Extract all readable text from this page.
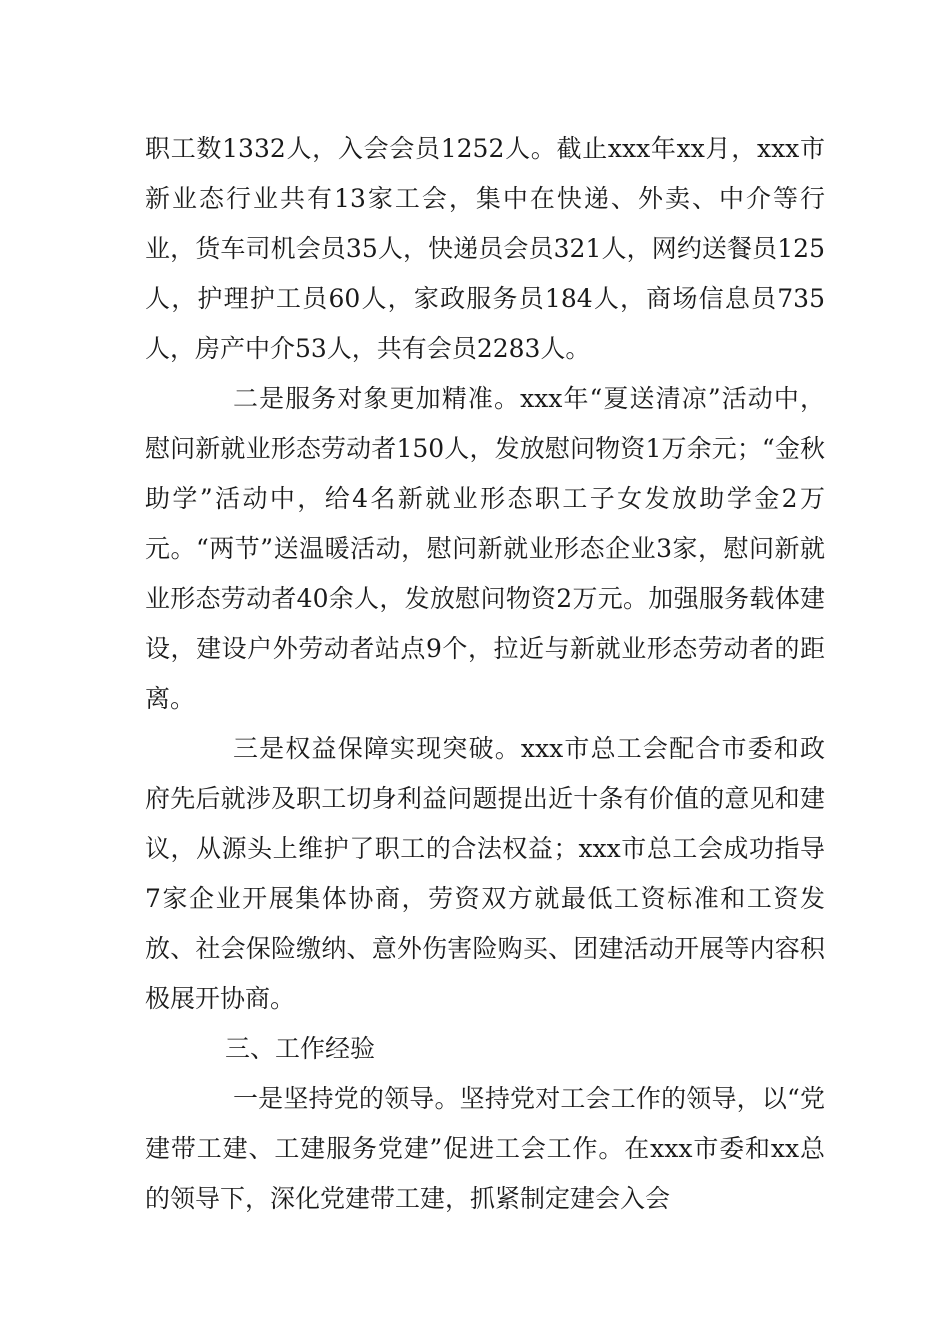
职工数1332人，入会会员1252人。截止xxx年xx月，xxx市新业态行业共有13家工会，集中在快递、外卖、中介等行业，货车司机会员35人，快递员会员321人，网约送餐员125人，护理护工员60人，家政服务员184人，商场信息员735人，房产中介53人，共有会员2283人。

二是服务对象更加精准。xxx年“夏送清凉”活动中，慰问新就业形态劳动者150人，发放慰问物资1万余元；“金秋助学”活动中，给4名新就业形态职工子女发放助学金2万元。“两节”送温暖活动，慰问新就业形态企业3家，慰问新就业形态劳动者40余人，发放慰问物资2万元。加强服务载体建设，建设户外劳动者站点9个，拉近与新就业形态劳动者的距离。

三是权益保障实现突破。xxx市总工会配合市委和政府先后就涉及职工切身利益问题提出近十条有价值的意见和建议，从源头上维护了职工的合法权益；xxx市总工会成功指导7家企业开展集体协商，劳资双方就最低工资标准和工资发放、社会保险缴纳、意外伤害险购买、团建活动开展等内容积极展开协商。

三、工作经验

一是坚持党的领导。坚持党对工会工作的领导，以“党建带工建、工建服务党建”促进工会工作。在xxx市委和xx总的领导下，深化党建带工建，抓紧制定建会入会
